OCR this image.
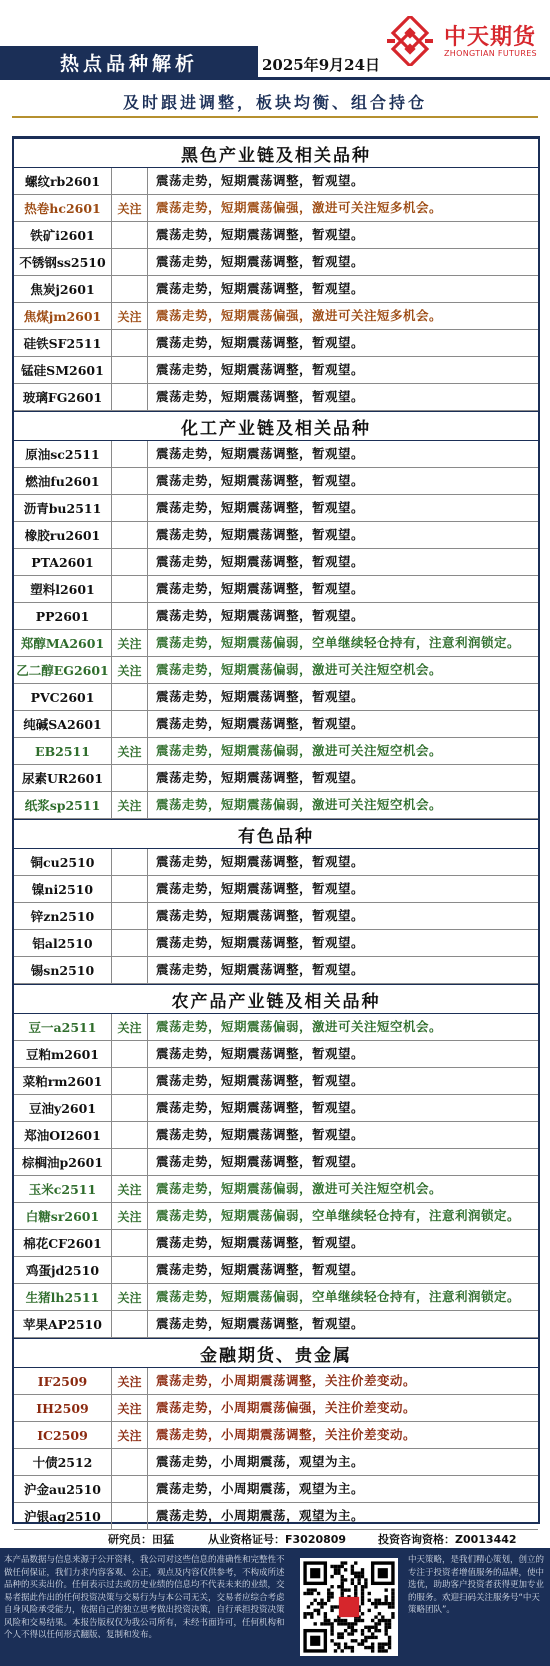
热点品种解析	2025年9月24日
中天期货
ZHONGTIAN FUTURES
及时跟进调整，板块均衡、组合持仓
黑色产业链及相关品种
螺纹rb2601	震荡走势，短期震荡调整，暂观望。
热卷hc2601	关注	震荡走势，短期震荡偏强，激进可关注短多机会。
铁矿i2601	震荡走势，短期震荡调整，暂观望。
不锈钢ss2510	震荡走势，短期震荡调整，暂观望。
焦炭j2601	震荡走势，短期震荡调整，暂观望。
焦煤jm2601	关注	震荡走势，短期震荡偏强，激进可关注短多机会。
硅铁SF2511	震荡走势，短期震荡调整，暂观望。
锰硅SM2601	震荡走势，短期震荡调整，暂观望。
玻璃FG2601	震荡走势，短期震荡调整，暂观望。
化工产业链及相关品种
原油sc2511	震荡走势，短期震荡调整，暂观望。
燃油fu2601	震荡走势，短期震荡调整，暂观望。
沥青bu2511	震荡走势，短期震荡调整，暂观望。
橡胶ru2601	震荡走势，短期震荡调整，暂观望。
PTA2601	震荡走势，短期震荡调整，暂观望。
塑料l2601	震荡走势，短期震荡调整，暂观望。
PP2601	震荡走势，短期震荡调整，暂观望。
郑醇MA2601	关注	震荡走势，短期震荡偏弱，空单继续轻仓持有，注意利润锁定。
乙二醇EG2601 关注	震荡走势，短期震荡偏弱，激进可关注短空机会。
PVC2601	震荡走势，短期震荡调整，暂观望。
纯碱SA2601	震荡走势，短期震荡调整，暂观望。
EB2511	关注	震荡走势，短期震荡偏弱，激进可关注短空机会。
尿素UR2601	震荡走势，短期震荡调整，暂观望。
纸浆sp2511	关注	震荡走势，短期震荡偏弱，激进可关注短空机会。
有色品种
铜cu2510	震荡走势，短期震荡调整，暂观望。
镍ni2510	震荡走势，短期震荡调整，暂观望。
锌zn2510	震荡走势，短期震荡调整，暂观望。
铝al2510	震荡走势，短期震荡调整，暂观望。
锡sn2510	震荡走势，短期震荡调整，暂观望。
农产品产业链及相关品种
豆一a2511	关注	震荡走势，短期震荡偏弱，激进可关注短空机会。
豆粕m2601	震荡走势，短期震荡调整，暂观望。
菜粕rm2601	震荡走势，短期震荡调整，暂观望。
豆油y2601	震荡走势，短期震荡调整，暂观望。
郑油OI2601	震荡走势，短期震荡调整，暂观望。
棕榈油p2601	震荡走势，短期震荡调整，暂观望。
玉米c2511	关注	震荡走势，短期震荡偏弱，激进可关注短空机会。
白糖sr2601	关注	震荡走势，短期震荡偏弱，空单继续轻仓持有，注意利润锁定。
棉花CF2601	震荡走势，短期震荡调整，暂观望。
鸡蛋jd2510	震荡走势，短期震荡调整，暂观望。
生猪lh2511	关注	震荡走势，短期震荡偏弱，空单继续轻仓持有，注意利润锁定。
苹果AP2510	震荡走势，短期震荡调整，暂观望。
金融期货、贵金属
IF2509	关注	震荡走势，小周期震荡调整，关注价差变动。
IH2509	关注	震荡走势，小周期震荡偏强，关注价差变动。
IC2509	关注	震荡走势，小周期震荡调整，关注价差变动。
十债2512	震荡走势，小周期震荡，观望为主。
沪金au2510	震荡走势，小周期震荡，观望为主。
沪银ag2510	震荡走势，小周期震荡，观望为主。
研究员：田猛	从业资格证号：F3020809	投资咨询资格：Z0013442
本产品数据与信息来源于公开资料，我公司对这些信息的准确性和完整性不做任何保证，我们力求内容客观、公正，观点及内容仅供参考，不构成所述品种的买卖出价。任何表示过去或历史业绩的信息均不代表未来的业绩，交易者据此作出的任何投资决策与交易行为与本公司无关，交易者应综合考虑自身风险承受能力，依据自己的独立思考做出投资决策，自行承担投资决策风险和交易结果。本报告版权仅为我公司所有，未经书面许可，任何机构和个人不得以任何形式翻版、复制和发布。
中天策略，是我们精心策划，创立的专注于投资者增值服务的品牌，使中选优，助助客户投资者获得更加专业的服务。欢迎扫码关注服务号“中天策略团队”。
